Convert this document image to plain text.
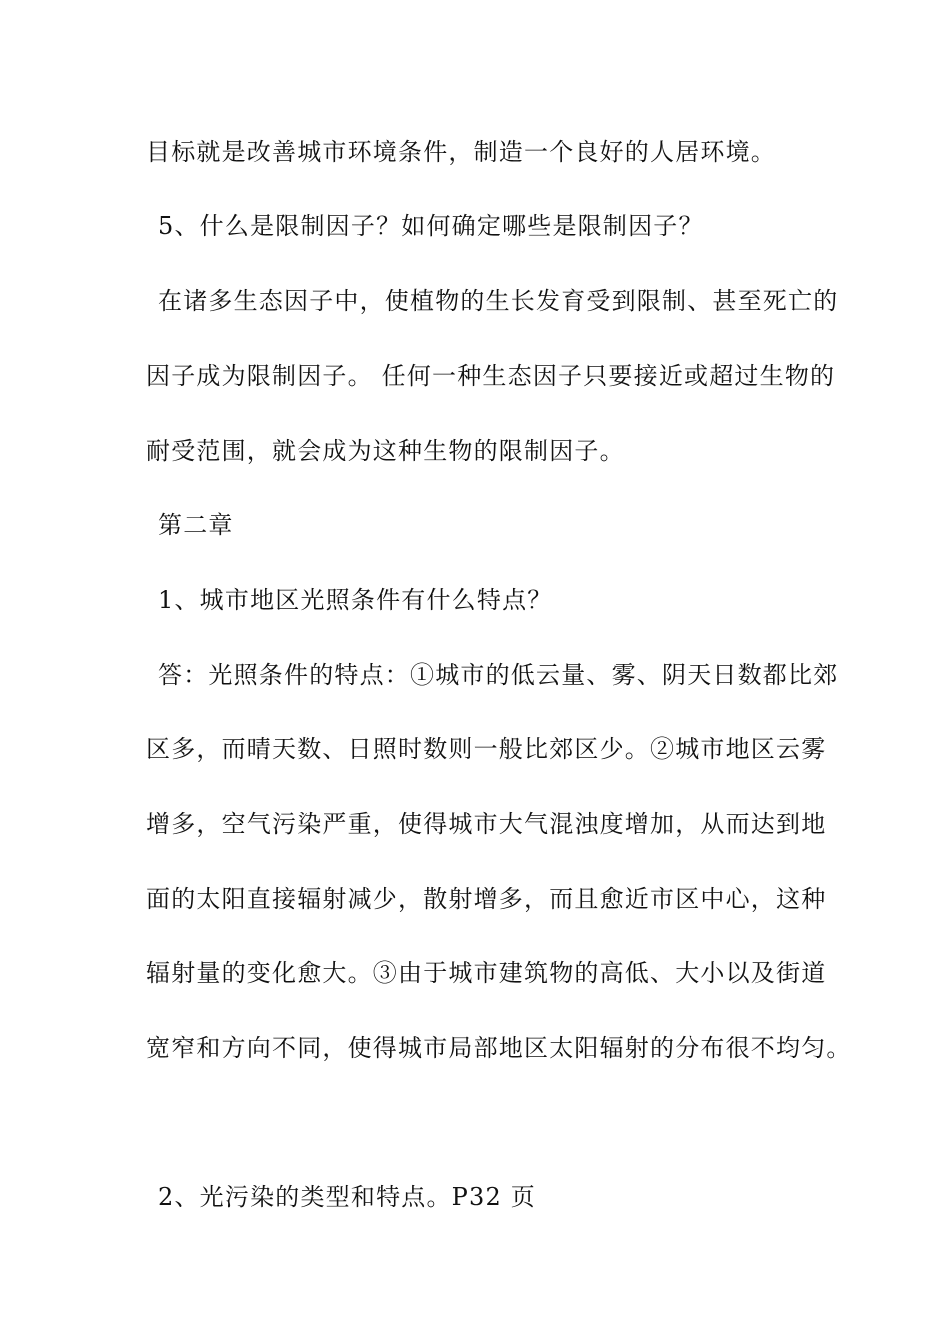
目标就是改善城市环境条件，制造一个良好的人居环境。
5、什么是限制因子？如何确定哪些是限制因子？
在诸多生态因子中，使植物的生长发育受到限制、甚至死亡的
因子成为限制因子。 任何一种生态因子只要接近或超过生物的
耐受范围，就会成为这种生物的限制因子。
第二章
1、城市地区光照条件有什么特点？
答：光照条件的特点：①城市的低云量、雾、阴天日数都比郊
区多，而晴天数、日照时数则一般比郊区少。②城市地区云雾
增多，空气污染严重，使得城市大气混浊度增加，从而达到地
面的太阳直接辐射减少，散射增多，而且愈近市区中心，这种
辐射量的变化愈大。③由于城市建筑物的高低、大小以及街道
宽窄和方向不同，使得城市局部地区太阳辐射的分布很不均匀。
2、光污染的类型和特点。P32 页
